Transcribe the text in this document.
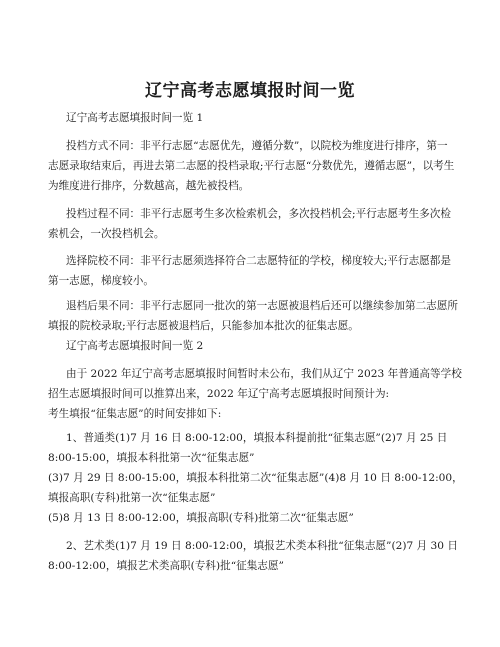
辽宁高考志愿填报时间一览
辽宁高考志愿填报时间一览 1
投档方式不同：非平行志愿“志愿优先，遵循分数”，以院校为维度进行排序，第一志愿录取结束后，再进去第二志愿的投档录取;平行志愿“分数优先，遵循志愿”，以考生为维度进行排序，分数越高，越先被投档。
投档过程不同：非平行志愿考生多次检索机会，多次投档机会;平行志愿考生多次检索机会，一次投档机会。
选择院校不同：非平行志愿须选择符合二志愿特征的学校，梯度较大;平行志愿都是第一志愿，梯度较小。
退档后果不同：非平行志愿同一批次的第一志愿被退档后还可以继续参加第二志愿所填报的院校录取;平行志愿被退档后，只能参加本批次的征集志愿。
辽宁高考志愿填报时间一览 2
由于 2022 年辽宁高考志愿填报时间暂时未公布，我们从辽宁 2023 年普通高等学校
招生志愿填报时间可以推算出来，2022 年辽宁高考志愿填报时间预计为:
考生填报“征集志愿”的时间安排如下:
1、普通类(1)7 月 16 日 8:00-12:00，填报本科提前批“征集志愿”(2)7 月 25 日
8:00-15:00，填报本科批第一次“征集志愿”
(3)7 月 29 日 8:00-15:00，填报本科批第二次“征集志愿”(4)8 月 10 日 8:00-12:00，
填报高职(专科)批第一次“征集志愿”
(5)8 月 13 日 8:00-12:00，填报高职(专科)批第二次“征集志愿”
2、艺术类(1)7 月 19 日 8:00-12:00，填报艺术类本科批“征集志愿”(2)7 月 30 日
8:00-12:00，填报艺术类高职(专科)批“征集志愿”
